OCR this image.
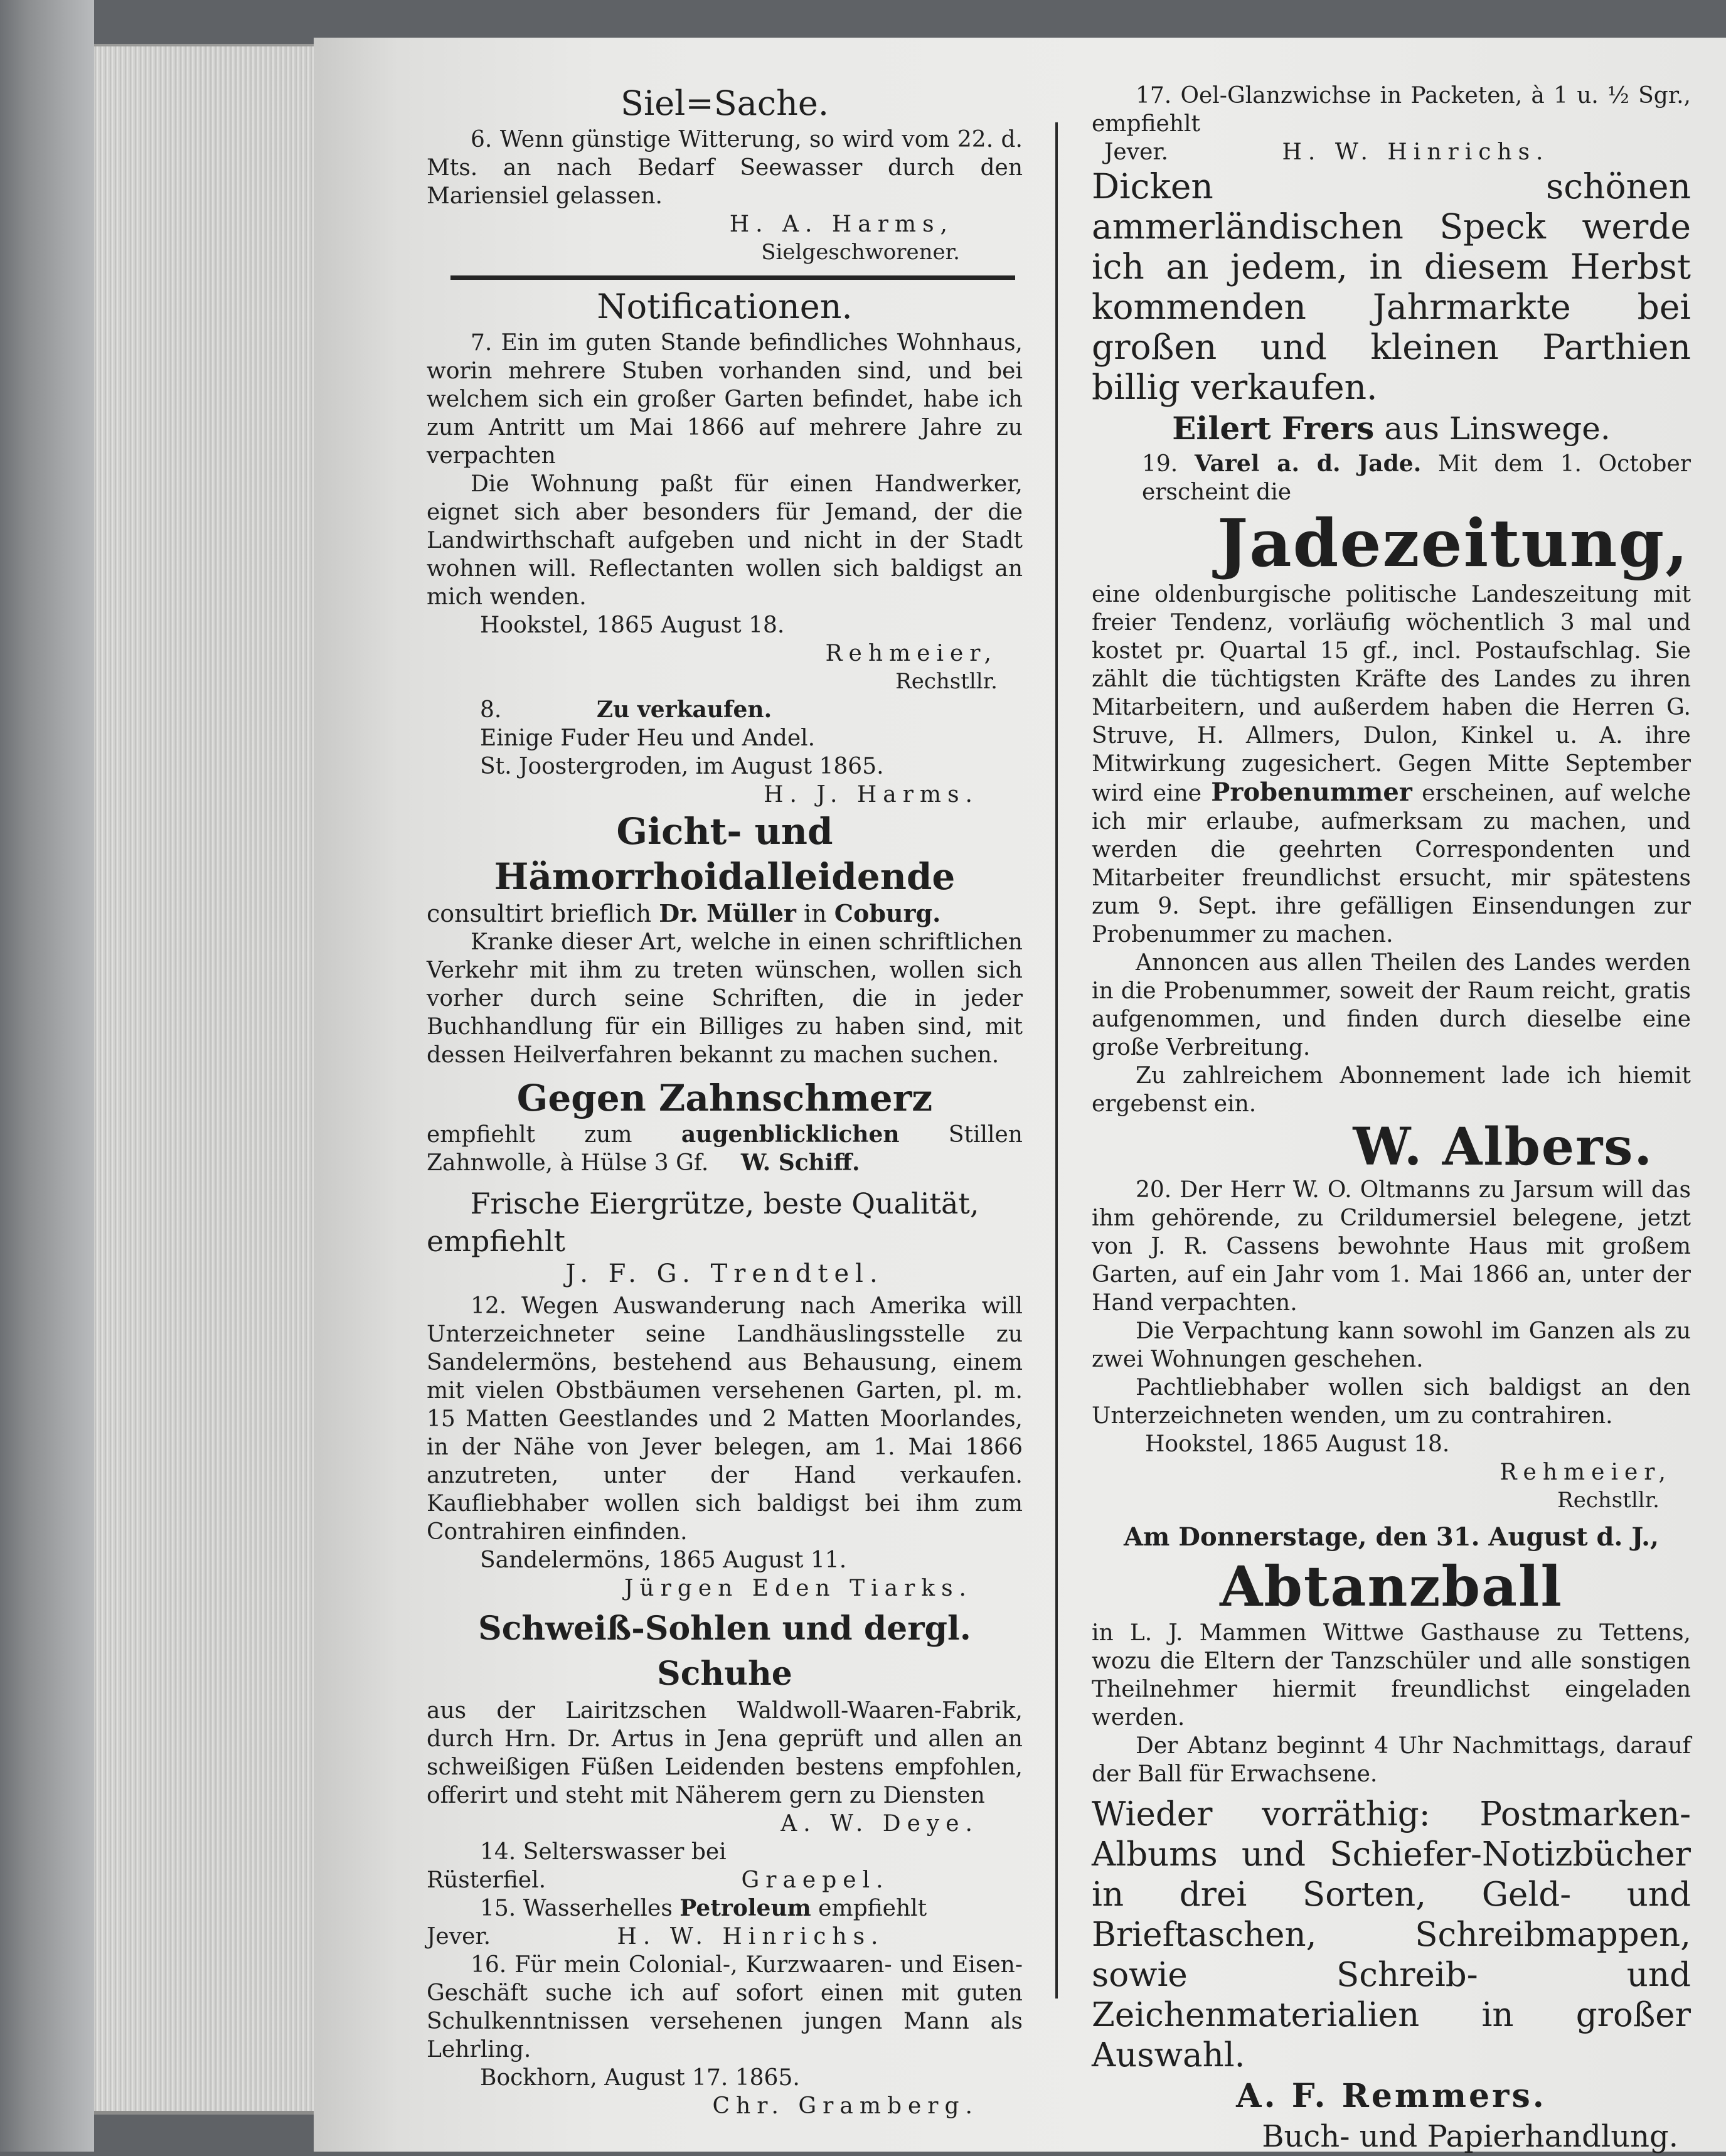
Siel=Sache.

6. Wenn günstige Witterung, so wird vom 22. d. Mts. an nach Bedarf Seewasser durch den Mariensiel gelassen.

H. A. Harms,

Sielgeschworener.

Notificationen.

7. Ein im guten Stande befindliches Wohnhaus, worin mehrere Stuben vorhanden sind, und bei welchem sich ein großer Garten befindet, habe ich zum Antritt um Mai 1866 auf mehrere Jahre zu verpachten

Die Wohnung paßt für einen Handwerker, eignet sich aber besonders für Jemand, der die Landwirthschaft aufgeben und nicht in der Stadt wohnen will. Reflectanten wollen sich baldigst an mich wenden.

Hookstel, 1865 August 18.

Rehmeier,

Rechstllr.

8.	Zu verkaufen.

Einige Fuder Heu und Andel.

St. Joostergroden, im August 1865.

H. J. Harms.

Gicht- und Hämorrhoidalleidende

consultirt brieflich Dr. Müller in Coburg.

Kranke dieser Art, welche in einen schriftlichen Verkehr mit ihm zu treten wünschen, wollen sich vorher durch seine Schriften, die in jeder Buchhandlung für ein Billiges zu haben sind, mit dessen Heilverfahren bekannt zu machen suchen.

Gegen Zahnschmerz

empfiehlt zum augenblicklichen Stillen Zahnwolle, à Hülse 3 Gf. W. Schiff.

Frische Eiergrütze, beste Qualität, empfiehlt

J. F. G. Trendtel.

12. Wegen Auswanderung nach Amerika will Unterzeichneter seine Landhäuslingsstelle zu Sandelermöns, bestehend aus Behausung, einem mit vielen Obstbäumen versehenen Garten, pl. m. 15 Matten Geestlandes und 2 Matten Moorlandes, in der Nähe von Jever belegen, am 1. Mai 1866 anzutreten, unter der Hand verkaufen. Kaufliebhaber wollen sich baldigst bei ihm zum Contrahiren einfinden.

Sandelermöns, 1865 August 11.

Jürgen Eden Tiarks.

Schweiß-Sohlen und dergl. Schuhe

aus der Lairitzschen Waldwoll-Waaren-Fabrik, durch Hrn. Dr. Artus in Jena geprüft und allen an schweißigen Füßen Leidenden bestens empfohlen, offerirt und steht mit Näherem gern zu Diensten

A. W. Deye.

14. Selterswasser bei

Rüsterfiel.	Graepel.

15. Wasserhelles Petroleum empfiehlt

Jever.	H. W. Hinrichs.

16. Für mein Colonial-, Kurzwaaren- und Eisen-Geschäft suche ich auf sofort einen mit guten Schulkenntnissen versehenen jungen Mann als Lehrling.

Bockhorn, August 17. 1865.

Chr. Gramberg.

17. Oel-Glanzwichse in Packeten, à 1 u. ½ Sgr., empfiehlt

Jever.	H. W. Hinrichs.

Dicken schönen ammerländischen Speck werde ich an jedem, in diesem Herbst kommenden Jahrmarkte bei großen und kleinen Parthien billig verkaufen.

Eilert Frers aus Linswege.

19. Varel a. d. Jade. Mit dem 1. October erscheint die

Jadezeitung,

eine oldenburgische politische Landeszeitung mit freier Tendenz, vorläufig wöchentlich 3 mal und kostet pr. Quartal 15 gf., incl. Postaufschlag. Sie zählt die tüchtigsten Kräfte des Landes zu ihren Mitarbeitern, und außerdem haben die Herren G. Struve, H. Allmers, Dulon, Kinkel u. A. ihre Mitwirkung zugesichert. Gegen Mitte September wird eine Probenummer erscheinen, auf welche ich mir erlaube, aufmerksam zu machen, und werden die geehrten Correspondenten und Mitarbeiter freundlichst ersucht, mir spätestens zum 9. Sept. ihre gefälligen Einsendungen zur Probenummer zu machen.

Annoncen aus allen Theilen des Landes werden in die Probenummer, soweit der Raum reicht, gratis aufgenommen, und finden durch dieselbe eine große Verbreitung.

Zu zahlreichem Abonnement lade ich hiemit ergebenst ein.

W. Albers.

20. Der Herr W. O. Oltmanns zu Jarsum will das ihm gehörende, zu Crildumersiel belegene, jetzt von J. R. Cassens bewohnte Haus mit großem Garten, auf ein Jahr vom 1. Mai 1866 an, unter der Hand verpachten.

Die Verpachtung kann sowohl im Ganzen als zu zwei Wohnungen geschehen.

Pachtliebhaber wollen sich baldigst an den Unterzeichneten wenden, um zu contrahiren.

Hookstel, 1865 August 18.

Rehmeier,

Rechstllr.

Am Donnerstage, den 31. August d. J.,

Abtanzball

in L. J. Mammen Wittwe Gasthause zu Tettens, wozu die Eltern der Tanzschüler und alle sonstigen Theilnehmer hiermit freundlichst eingeladen werden.

Der Abtanz beginnt 4 Uhr Nachmittags, darauf der Ball für Erwachsene.

Wieder vorräthig: Postmarken-Albums und Schiefer-Notizbücher in drei Sorten, Geld- und Brieftaschen, Schreibmappen, sowie Schreib- und Zeichenmaterialien in großer Auswahl.

A. F. Remmers.

Buch- und Papierhandlung.
